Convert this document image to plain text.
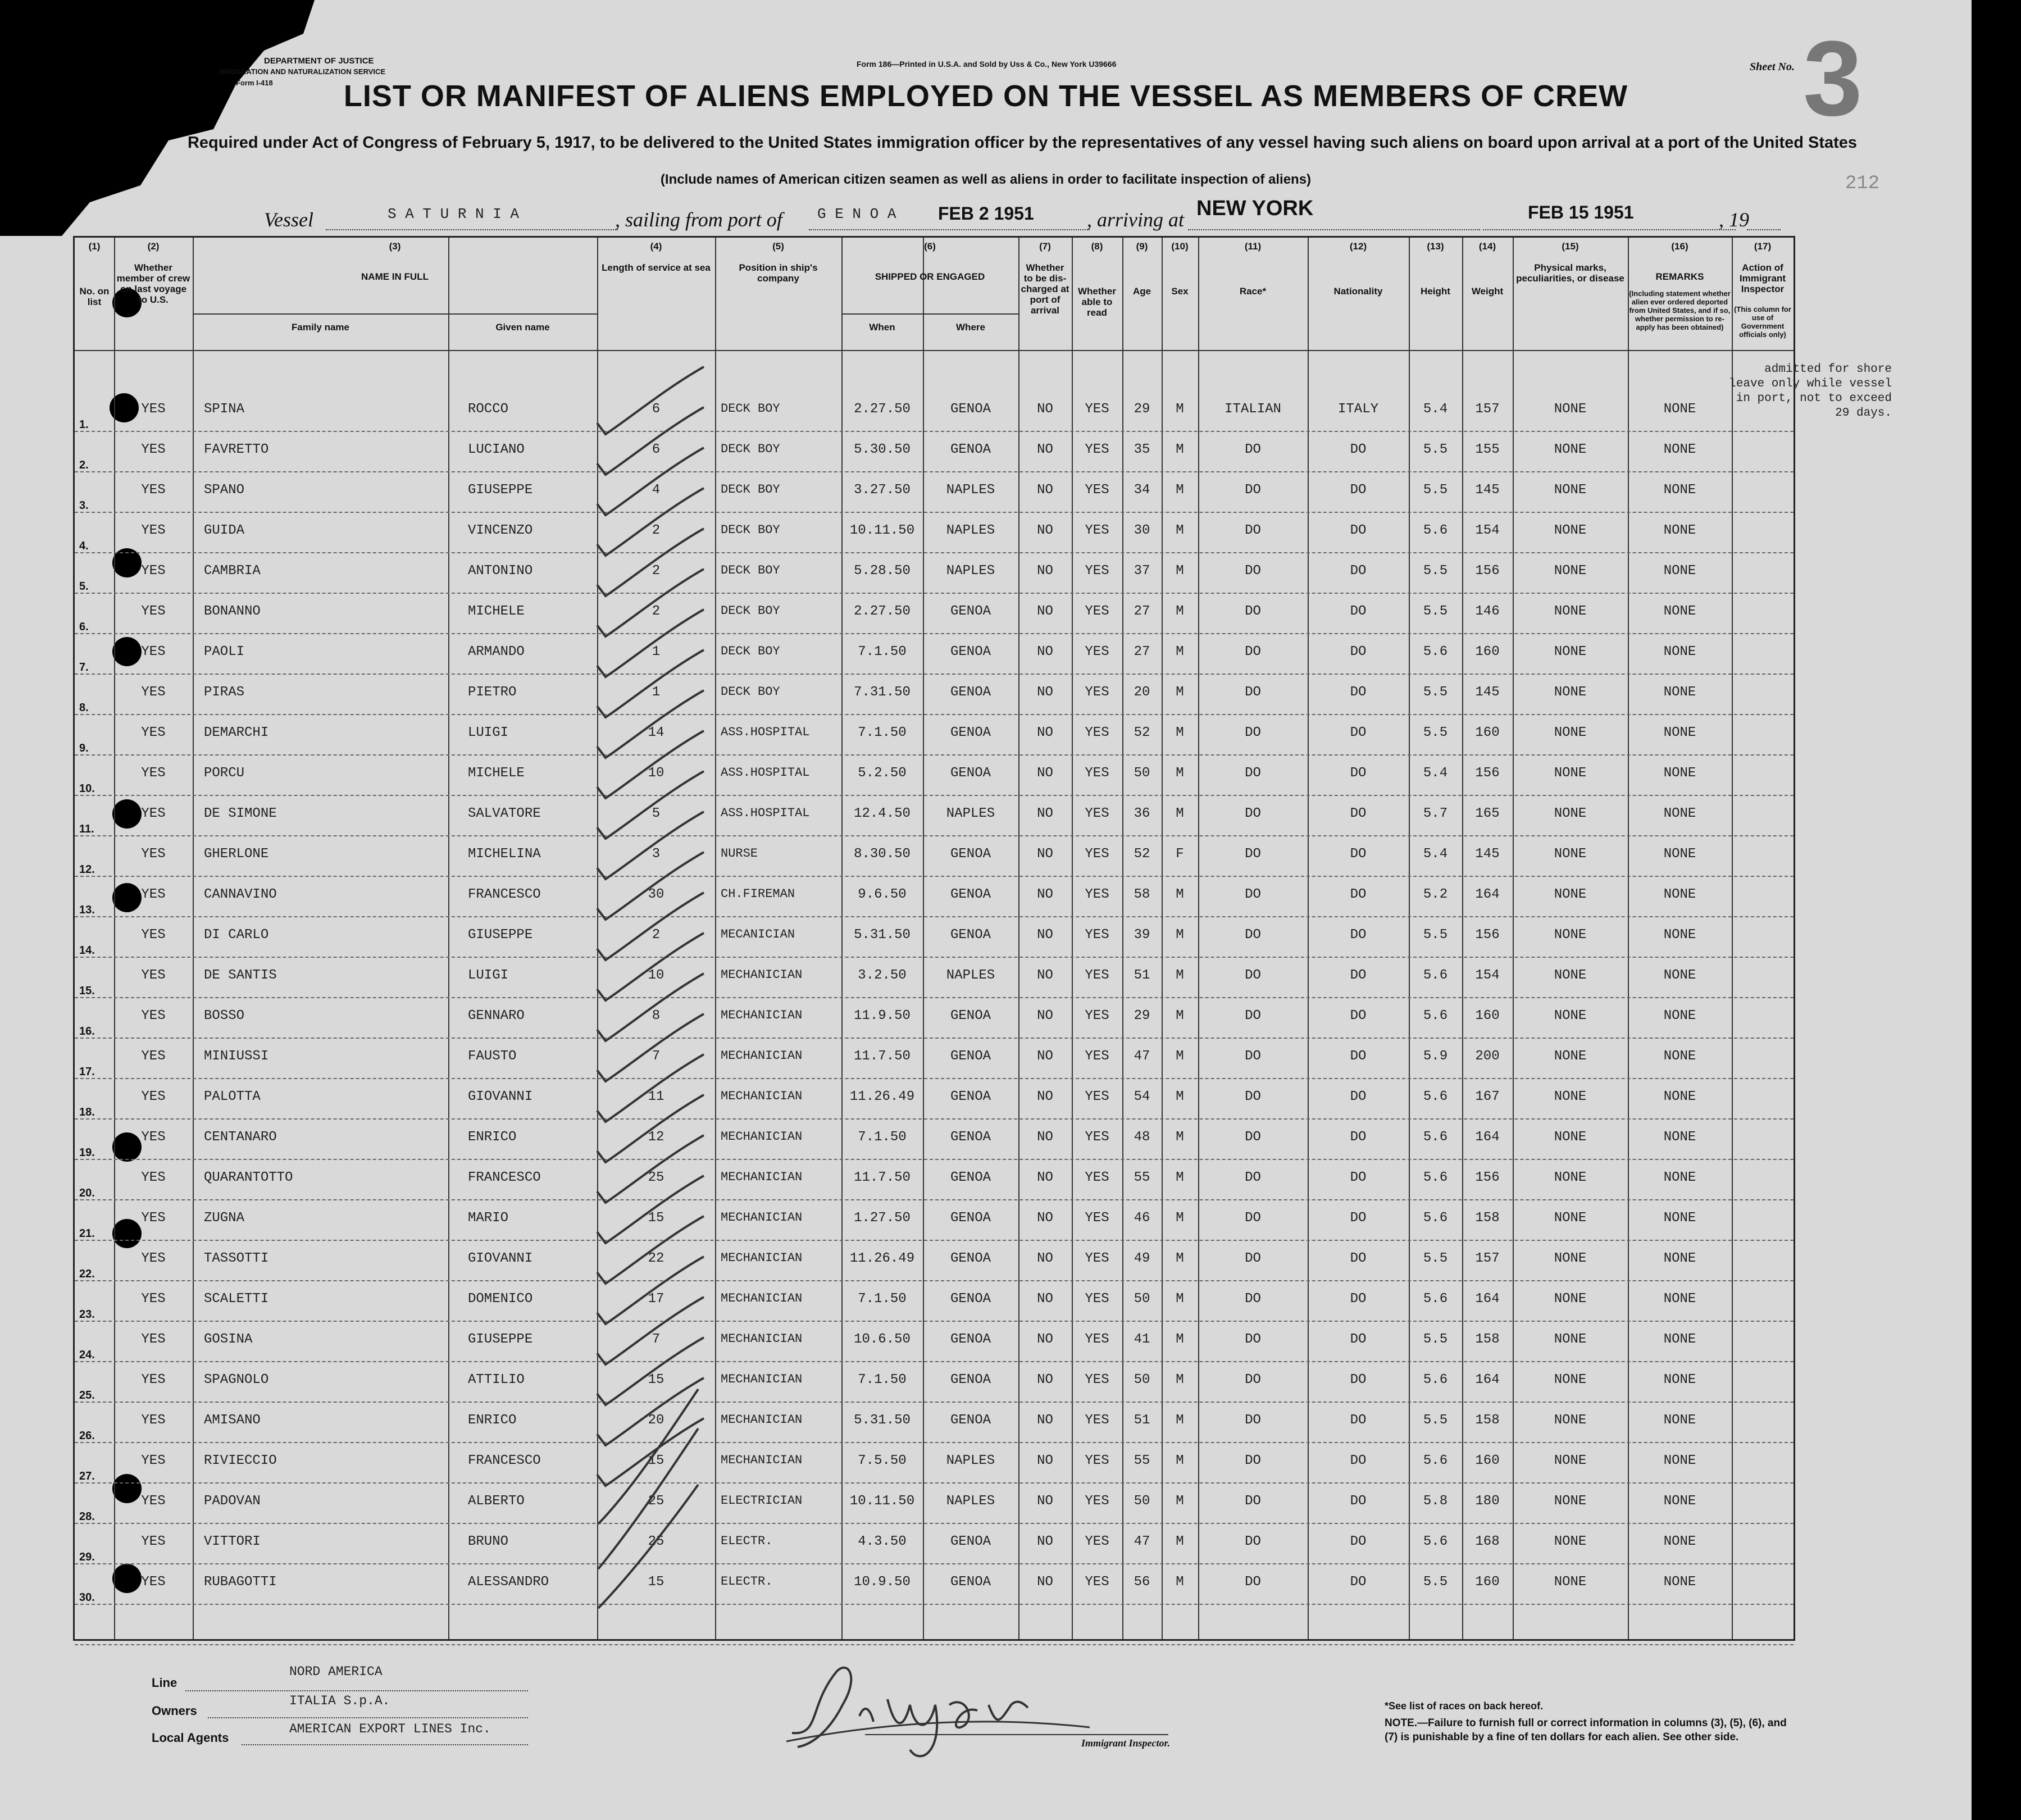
DEPARTMENT OF JUSTICE
IMMIGRATION AND NATURALIZATION SERVICE
Form I-418
Form 186—Printed in U.S.A. and Sold by Uss & Co., New York U39666	Sheet No. 3
212
LIST OR MANIFEST OF ALIENS EMPLOYED ON THE VESSEL AS MEMBERS OF CREW
Required under Act of Congress of February 5, 1917, to be delivered to the United States immigration officer by the representatives of any vessel having such aliens on board upon arrival at a port of the United States
(Include names of American citizen seamen as well as aliens in order to facilitate inspection of aliens)
Vessel	S A T U R N I A	, sailing from port of G E N O A FEB 2 1951	, arriving at NEW YORK	FEB 15 1951	, 19
(1)
No. on list
(2)
Whether member of crew on last voyage to U.S.
(3)
NAME IN FULL
(4)
Length of service at sea
(5)
Position in ship's company
(6)
SHIPPED OR ENGAGED
(7)
Whether to be dis-charged at port of arrival
(8)
Whether able to read
(9)
Age
(10)
Sex
(11)
Race*
(12)
Nationality
(13)
Height
(14)
Weight
(15)
Physical marks, peculiarities, or disease
(16)
REMARKS
(17)
Action of Immigrant Inspector
Family name	Given name	When	Where
(Including statement whether alien ever ordered deported from United States, and if so, whether permission to re-apply has been obtained)
(This column for use of Government officials only)
1.
YES	SPINA	ROCCO	6	DECK BOY	2.27.50	GENOA	NO	YES	29	M	ITALIAN	ITALY	5.4	157	NONE	NONE
2.
YES	FAVRETTO	LUCIANO	6	DECK BOY	5.30.50	GENOA	NO	YES	35	M	DO	DO	5.5	155	NONE	NONE
3.
YES	SPANO	GIUSEPPE	4	DECK BOY	3.27.50	NAPLES	NO	YES	34	M	DO	DO	5.5	145	NONE	NONE
4.
YES	GUIDA	VINCENZO	2	DECK BOY	10.11.50	NAPLES	NO	YES	30	M	DO	DO	5.6	154	NONE	NONE
5.
YES	CAMBRIA	ANTONINO	2	DECK BOY	5.28.50	NAPLES	NO	YES	37	M	DO	DO	5.5	156	NONE	NONE
6.
YES	BONANNO	MICHELE	2	DECK BOY	2.27.50	GENOA	NO	YES	27	M	DO	DO	5.5	146	NONE	NONE
7.
YES	PAOLI	ARMANDO	1	DECK BOY	7.1.50	GENOA	NO	YES	27	M	DO	DO	5.6	160	NONE	NONE
8.
YES	PIRAS	PIETRO	1	DECK BOY	7.31.50	GENOA	NO	YES	20	M	DO	DO	5.5	145	NONE	NONE
9.
YES	DEMARCHI	LUIGI	14	ASS.HOSPITAL	7.1.50	GENOA	NO	YES	52	M	DO	DO	5.5	160	NONE	NONE
10.
YES	PORCU	MICHELE	10	ASS.HOSPITAL	5.2.50	GENOA	NO	YES	50	M	DO	DO	5.4	156	NONE	NONE
11.
YES	DE SIMONE	SALVATORE	5	ASS.HOSPITAL	12.4.50	NAPLES	NO	YES	36	M	DO	DO	5.7	165	NONE	NONE
12.
YES	GHERLONE	MICHELINA	3	NURSE	8.30.50	GENOA	NO	YES	52	F	DO	DO	5.4	145	NONE	NONE
13.
YES	CANNAVINO	FRANCESCO	30	CH.FIREMAN	9.6.50	GENOA	NO	YES	58	M	DO	DO	5.2	164	NONE	NONE
14.
YES	DI CARLO	GIUSEPPE	2	MECANICIAN	5.31.50	GENOA	NO	YES	39	M	DO	DO	5.5	156	NONE	NONE
15.
YES	DE SANTIS	LUIGI	10	MECHANICIAN	3.2.50	NAPLES	NO	YES	51	M	DO	DO	5.6	154	NONE	NONE
16.
YES	BOSSO	GENNARO	8	MECHANICIAN	11.9.50	GENOA	NO	YES	29	M	DO	DO	5.6	160	NONE	NONE
17.
YES	MINIUSSI	FAUSTO	7	MECHANICIAN	11.7.50	GENOA	NO	YES	47	M	DO	DO	5.9	200	NONE	NONE
18.
YES	PALOTTA	GIOVANNI	11	MECHANICIAN	11.26.49	GENOA	NO	YES	54	M	DO	DO	5.6	167	NONE	NONE
19.
YES	CENTANARO	ENRICO	12	MECHANICIAN	7.1.50	GENOA	NO	YES	48	M	DO	DO	5.6	164	NONE	NONE
20.
YES	QUARANTOTTO	FRANCESCO	25	MECHANICIAN	11.7.50	GENOA	NO	YES	55	M	DO	DO	5.6	156	NONE	NONE
21.
YES	ZUGNA	MARIO	15	MECHANICIAN	1.27.50	GENOA	NO	YES	46	M	DO	DO	5.6	158	NONE	NONE
22.
YES	TASSOTTI	GIOVANNI	22	MECHANICIAN	11.26.49	GENOA	NO	YES	49	M	DO	DO	5.5	157	NONE	NONE
23.
YES	SCALETTI	DOMENICO	17	MECHANICIAN	7.1.50	GENOA	NO	YES	50	M	DO	DO	5.6	164	NONE	NONE
24.
YES	GOSINA	GIUSEPPE	7	MECHANICIAN	10.6.50	GENOA	NO	YES	41	M	DO	DO	5.5	158	NONE	NONE
25.
YES	SPAGNOLO	ATTILIO	15	MECHANICIAN	7.1.50	GENOA	NO	YES	50	M	DO	DO	5.6	164	NONE	NONE
26.
YES	AMISANO	ENRICO	20	MECHANICIAN	5.31.50	GENOA	NO	YES	51	M	DO	DO	5.5	158	NONE	NONE
27.
YES	RIVIECCIO	FRANCESCO	15	MECHANICIAN	7.5.50	NAPLES	NO	YES	55	M	DO	DO	5.6	160	NONE	NONE
28.
YES	PADOVAN	ALBERTO	25	ELECTRICIAN	10.11.50	NAPLES	NO	YES	50	M	DO	DO	5.8	180	NONE	NONE
29.
YES	VITTORI	BRUNO	25	ELECTR.	4.3.50	GENOA	NO	YES	47	M	DO	DO	5.6	168	NONE	NONE
30.
YES	RUBAGOTTI	ALESSANDRO	15	ELECTR.	10.9.50	GENOA	NO	YES	56	M	DO	DO	5.5	160	NONE	NONE
admitted for shore leave only while vessel in port, not to exceed 29 days.
Line
NORD AMERICA
Owners
ITALIA S.p.A.
Local Agents
AMERICAN EXPORT LINES Inc.
Immigrant Inspector.
*See list of races on back hereof.
NOTE.—Failure to furnish full or correct information in columns (3), (5), (6), and (7) is punishable by a fine of ten dollars for each alien. See other side.
